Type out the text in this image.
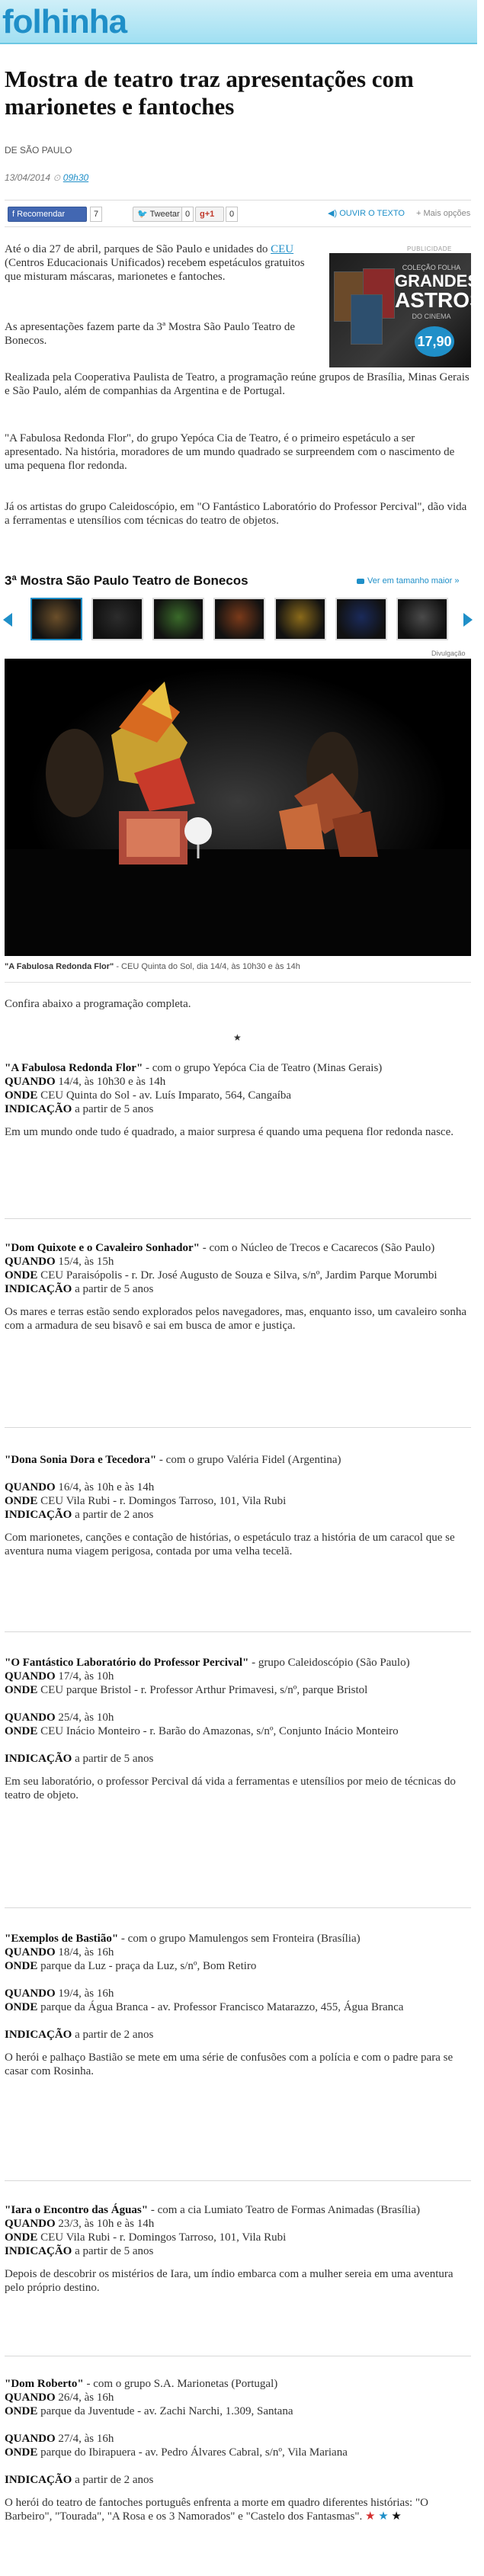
folhinha
Mostra de teatro traz apresentações com marionetes e fantoches
DE SÃO PAULO
13/04/2014 ⊙ 09h30
f Recomendar	7	🐦 Tweetar 0	g+1	0	◀) OUVIR O TEXTO + Mais opções
PUBLICIDADE
COLEÇÃO FOLHA
GRANDES
ASTROS
DO CINEMA
17,90

Até o dia 27 de abril, parques de São Paulo e unidades do CEU (Centros Educacionais Unificados) recebem espetáculos gratuitos que misturam máscaras, marionetes e fantoches.

As apresentações fazem parte da 3ª Mostra São Paulo Teatro de Bonecos.

Realizada pela Cooperativa Paulista de Teatro, a programação reúne grupos de Brasília, Minas Gerais e São Paulo, além de companhias da Argentina e de Portugal.

"A Fabulosa Redonda Flor", do grupo Yepóca Cia de Teatro, é o primeiro espetáculo a ser apresentado. Na história, moradores de um mundo quadrado se surpreendem com o nascimento de uma pequena flor redonda.

Já os artistas do grupo Caleidoscópio, em "O Fantástico Laboratório do Professor Percival", dão vida a ferramentas e utensílios com técnicas do teatro de objetos.

3ª Mostra São Paulo Teatro de Bonecos	Ver em tamanho maior »
Divulgação
"A Fabulosa Redonda Flor" - CEU Quinta do Sol, dia 14/4, às 10h30 e às 14h

Confira abaixo a programação completa.

★

"A Fabulosa Redonda Flor" - com o grupo Yepóca Cia de Teatro (Minas Gerais)

QUANDO 14/4, às 10h30 e às 14h
ONDE CEU Quinta do Sol - av. Luís Imparato, 564, Cangaíba
INDICAÇÃO a partir de 5 anos
Em um mundo onde tudo é quadrado, a maior surpresa é quando uma pequena flor redonda nasce.

"Dom Quixote e o Cavaleiro Sonhador" - com o Núcleo de Trecos e Cacarecos (São Paulo)

QUANDO 15/4, às 15h
ONDE CEU Paraisópolis - r. Dr. José Augusto de Souza e Silva, s/nº, Jardim Parque Morumbi
INDICAÇÃO a partir de 5 anos
Os mares e terras estão sendo explorados pelos navegadores, mas, enquanto isso, um cavaleiro sonha com a armadura de seu bisavô e sai em busca de amor e justiça.

"Dona Sonia Dora e Tecedora" - com o grupo Valéria Fidel (Argentina)

QUANDO 16/4, às 10h e às 14h
ONDE CEU Vila Rubi - r. Domingos Tarroso, 101, Vila Rubi
INDICAÇÃO a partir de 2 anos
Com marionetes, canções e contação de histórias, o espetáculo traz a história de um caracol que se aventura numa viagem perigosa, contada por uma velha tecelã.

"O Fantástico Laboratório do Professor Percival" - grupo Caleidoscópio (São Paulo)

QUANDO 17/4, às 10h
ONDE CEU parque Bristol - r. Professor Arthur Primavesi, s/nº, parque Bristol
QUANDO 25/4, às 10h
ONDE CEU Inácio Monteiro - r. Barão do Amazonas, s/nº, Conjunto Inácio Monteiro
INDICAÇÃO a partir de 5 anos
Em seu laboratório, o professor Percival dá vida a ferramentas e utensílios por meio de técnicas do teatro de objeto.

"Exemplos de Bastião" - com o grupo Mamulengos sem Fronteira (Brasília)

QUANDO 18/4, às 16h
ONDE parque da Luz - praça da Luz, s/nº, Bom Retiro
QUANDO 19/4, às 16h
ONDE parque da Água Branca - av. Professor Francisco Matarazzo, 455, Água Branca
INDICAÇÃO a partir de 2 anos
O herói e palhaço Bastião se mete em uma série de confusões com a polícia e com o padre para se casar com Rosinha.

"Iara o Encontro das Águas" - com a cia Lumiato Teatro de Formas Animadas (Brasília)

QUANDO 23/3, às 10h e às 14h
ONDE CEU Vila Rubi - r. Domingos Tarroso, 101, Vila Rubi
INDICAÇÃO a partir de 5 anos
Depois de descobrir os mistérios de Iara, um índio embarca com a mulher sereia em uma aventura pelo próprio destino.

"Dom Roberto" - com o grupo S.A. Marionetas (Portugal)

QUANDO 26/4, às 16h
ONDE parque da Juventude - av. Zachi Narchi, 1.309, Santana
QUANDO 27/4, às 16h
ONDE parque do Ibirapuera - av. Pedro Álvares Cabral, s/nº, Vila Mariana
INDICAÇÃO a partir de 2 anos
O herói do teatro de fantoches português enfrenta a morte em quadro diferentes histórias: "O Barbeiro", "Tourada", "A Rosa e os 3 Namorados" e "Castelo dos Fantasmas". ★ ★ ★
